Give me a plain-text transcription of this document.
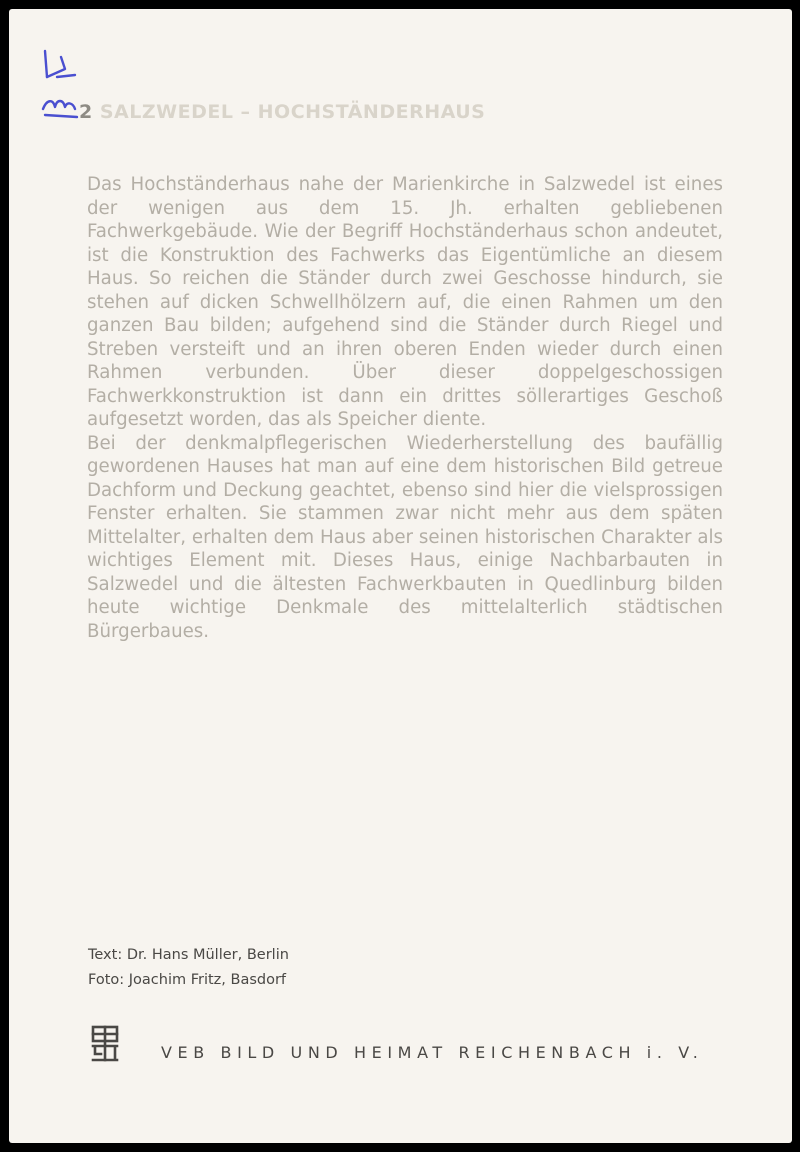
2 SALZWEDEL – HOCHSTÄNDERHAUS

Das Hochständerhaus nahe der Marienkirche in Salzwedel ist eines der wenigen aus dem 15. Jh. erhalten gebliebenen Fachwerkgebäude. Wie der Begriff Hochständerhaus schon andeutet, ist die Konstruktion des Fachwerks das Eigentümliche an diesem Haus. So reichen die Ständer durch zwei Geschosse hindurch, sie stehen auf dicken Schwellhölzern auf, die einen Rahmen um den ganzen Bau bilden; aufgehend sind die Ständer durch Riegel und Streben versteift und an ihren oberen Enden wieder durch einen Rahmen verbunden. Über dieser doppelgeschossigen Fachwerkkonstruktion ist dann ein drittes söllerartiges Geschoß aufgesetzt worden, das als Speicher diente.

Bei der denkmalpflegerischen Wiederherstellung des baufällig gewordenen Hauses hat man auf eine dem historischen Bild getreue Dachform und Deckung geachtet, ebenso sind hier die vielsprossigen Fenster erhalten. Sie stammen zwar nicht mehr aus dem späten Mittelalter, erhalten dem Haus aber seinen historischen Charakter als wichtiges Element mit. Dieses Haus, einige Nachbarbauten in Salzwedel und die ältesten Fachwerkbauten in Quedlinburg bilden heute wichtige Denkmale des mittelalterlich städtischen Bürgerbaues.

Text: Dr. Hans Müller, Berlin
Foto: Joachim Fritz, Basdorf
VEB BILD UND HEIMAT REICHENBACH i. V.
